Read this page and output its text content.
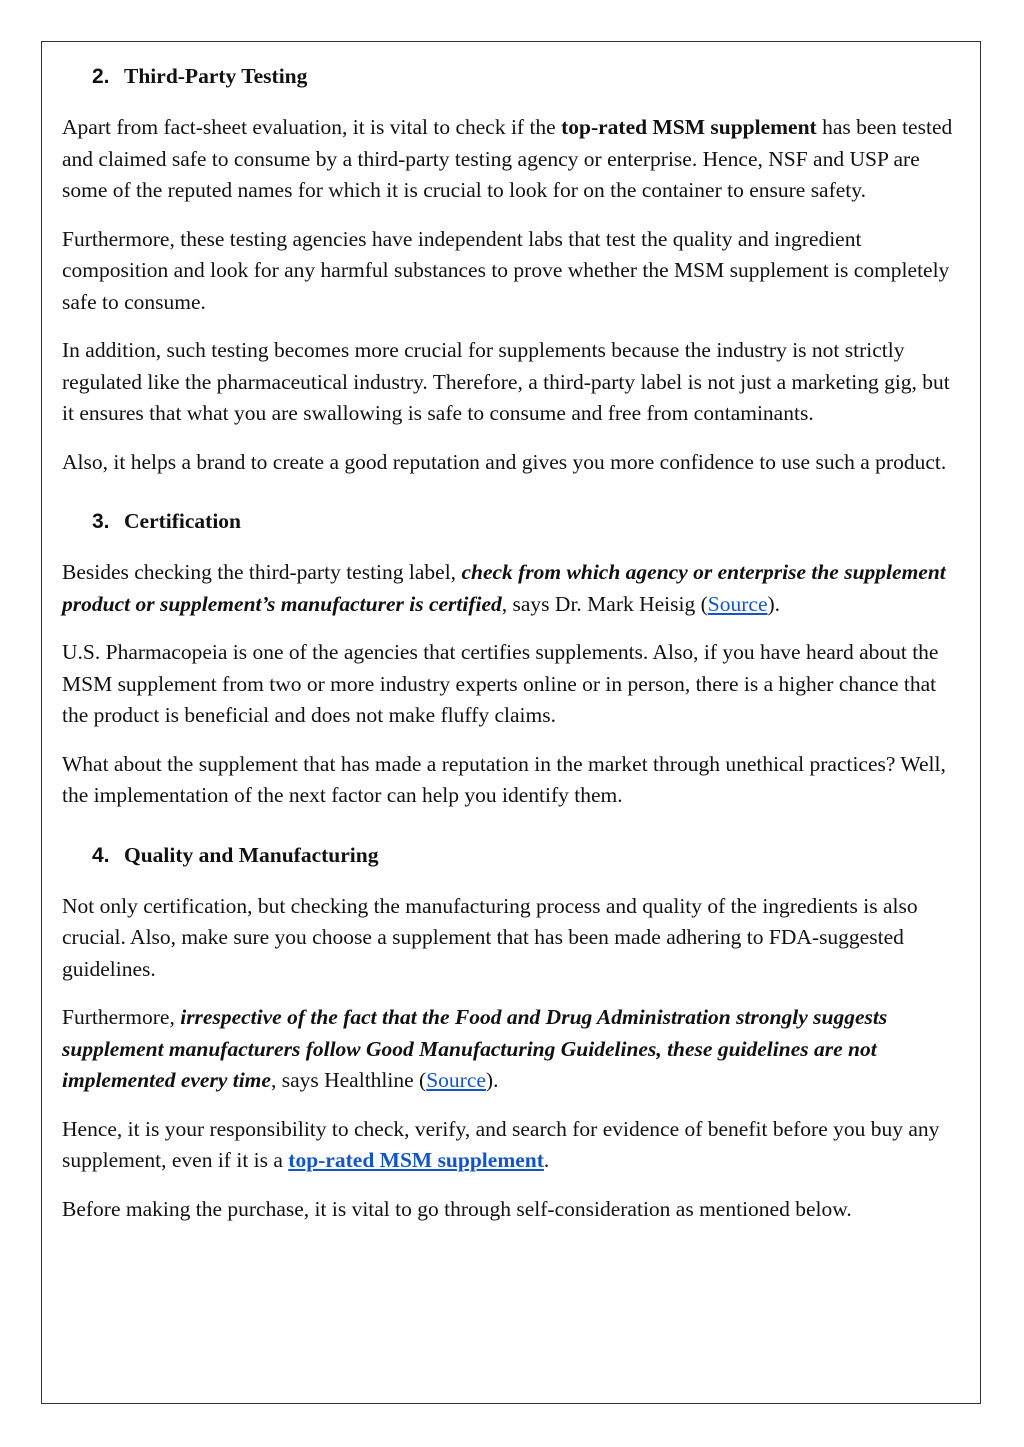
2. Third-Party Testing

Apart from fact-sheet evaluation, it is vital to check if the top-rated MSM supplement has been tested and claimed safe to consume by a third-party testing agency or enterprise. Hence, NSF and USP are some of the reputed names for which it is crucial to look for on the container to ensure safety.

Furthermore, these testing agencies have independent labs that test the quality and ingredient composition and look for any harmful substances to prove whether the MSM supplement is completely safe to consume.

In addition, such testing becomes more crucial for supplements because the industry is not strictly regulated like the pharmaceutical industry. Therefore, a third-party label is not just a marketing gig, but it ensures that what you are swallowing is safe to consume and free from contaminants.

Also, it helps a brand to create a good reputation and gives you more confidence to use such a product.

3. Certification

Besides checking the third-party testing label, check from which agency or enterprise the supplement product or supplement’s manufacturer is certified, says Dr. Mark Heisig (Source).

U.S. Pharmacopeia is one of the agencies that certifies supplements. Also, if you have heard about the MSM supplement from two or more industry experts online or in person, there is a higher chance that the product is beneficial and does not make fluffy claims.

What about the supplement that has made a reputation in the market through unethical practices? Well, the implementation of the next factor can help you identify them.

4. Quality and Manufacturing

Not only certification, but checking the manufacturing process and quality of the ingredients is also crucial. Also, make sure you choose a supplement that has been made adhering to FDA-suggested guidelines.

Furthermore, irrespective of the fact that the Food and Drug Administration strongly suggests supplement manufacturers follow Good Manufacturing Guidelines, these guidelines are not implemented every time, says Healthline (Source).

Hence, it is your responsibility to check, verify, and search for evidence of benefit before you buy any supplement, even if it is a top-rated MSM supplement.

Before making the purchase, it is vital to go through self-consideration as mentioned below.
